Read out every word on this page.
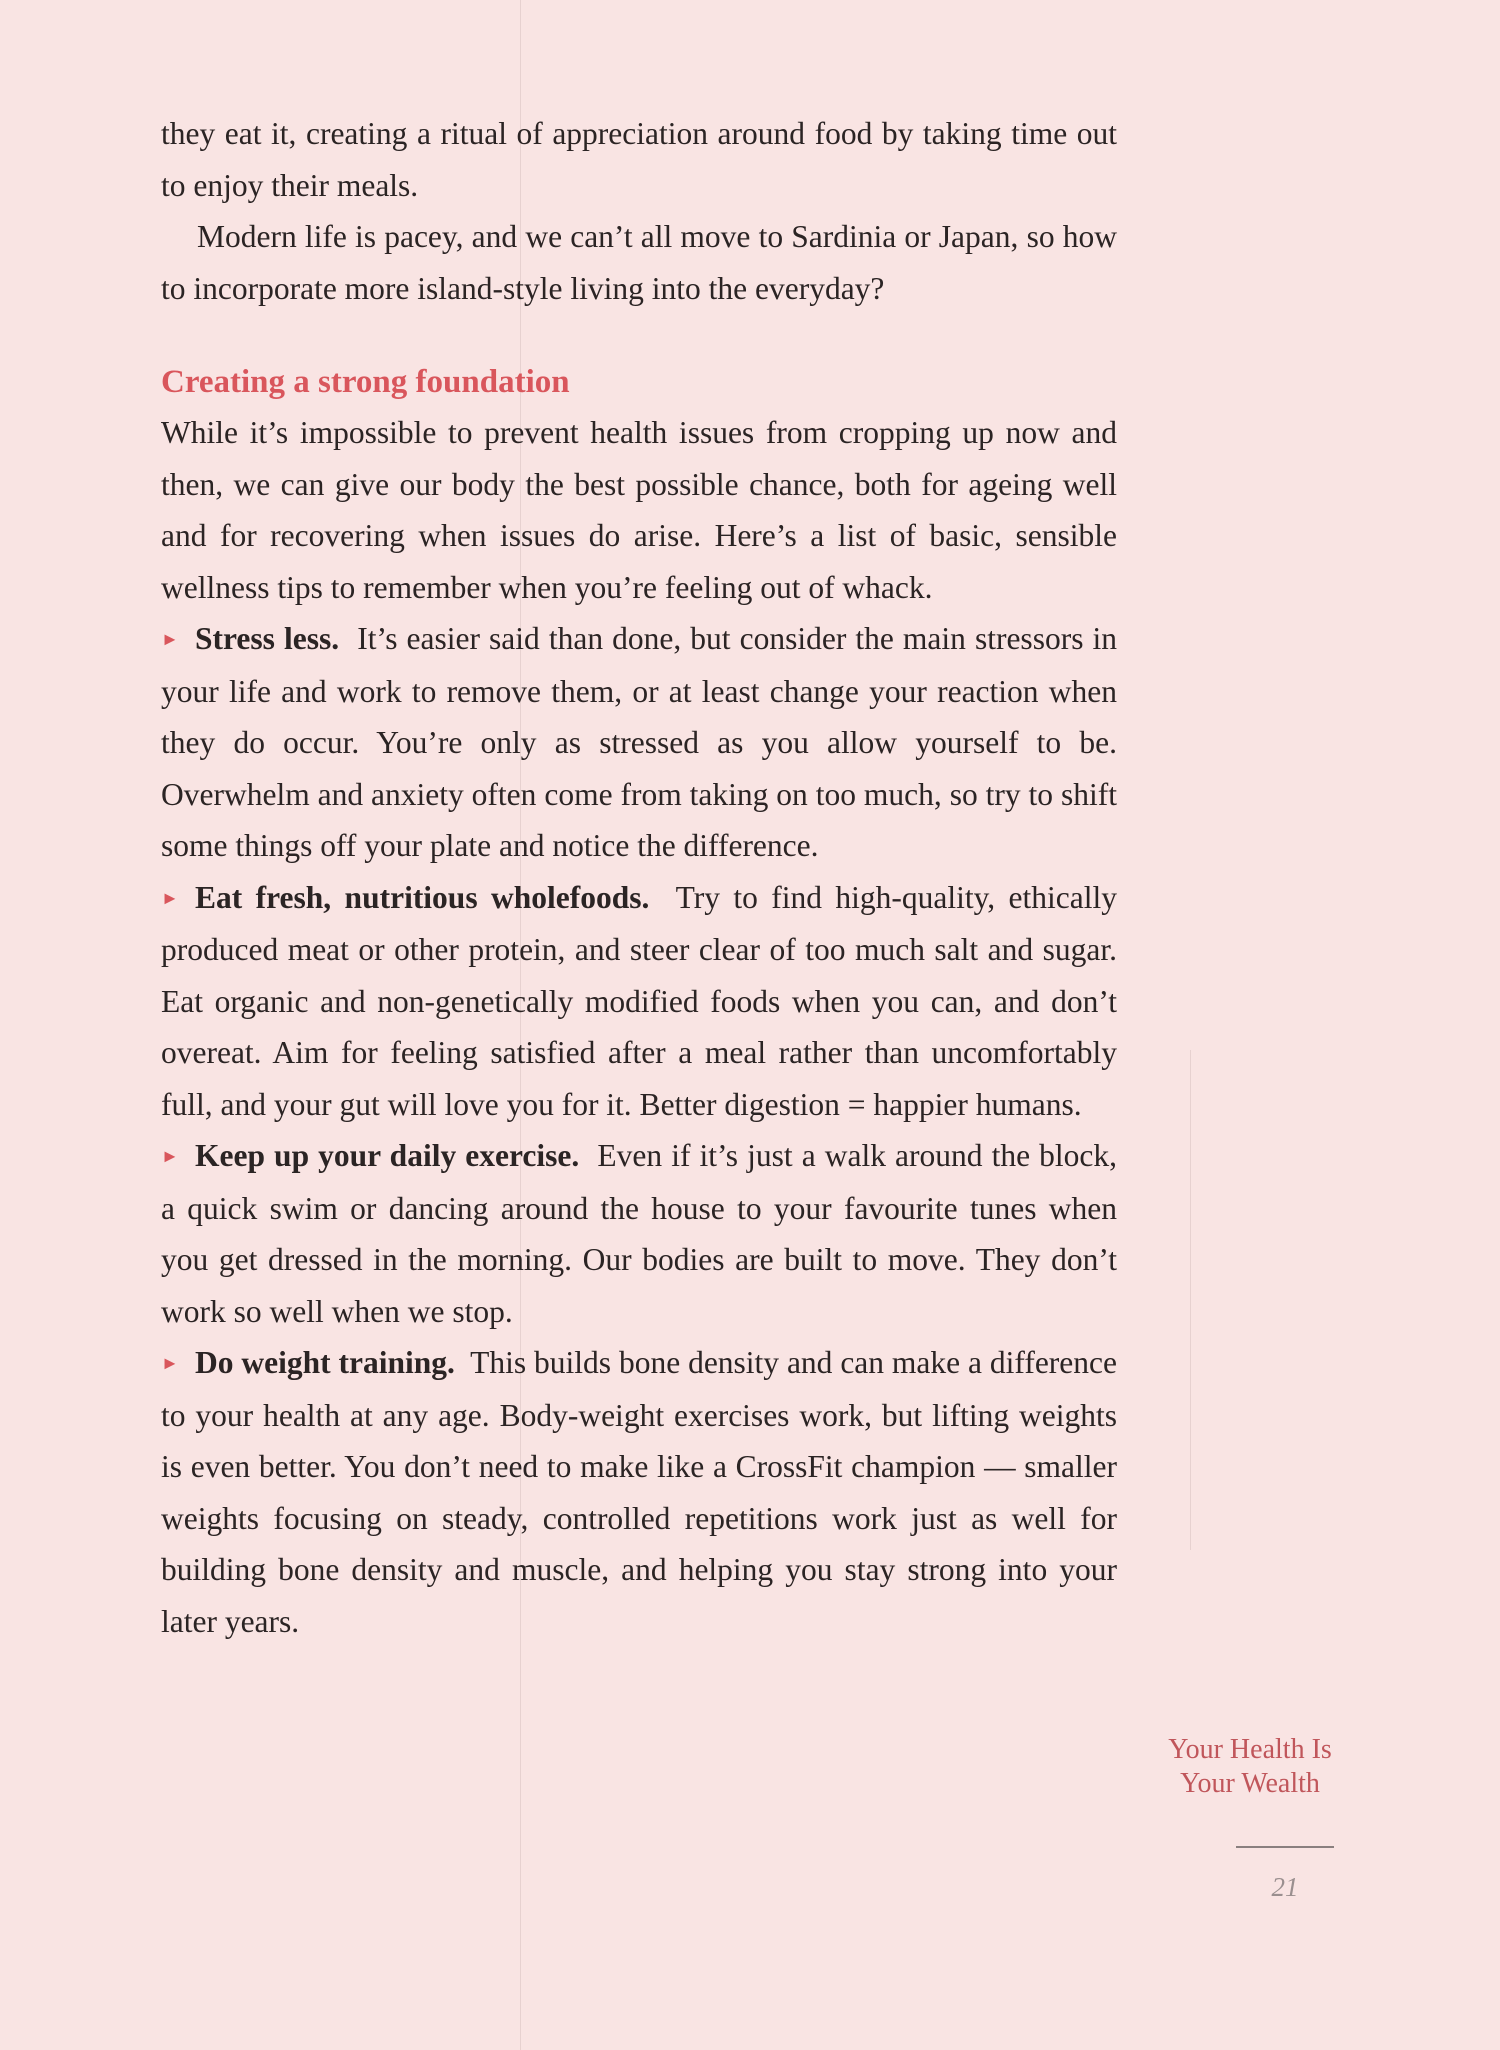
they eat it, creating a ritual of appreciation around food by taking time out to enjoy their meals.

Modern life is pacey, and we can’t all move to Sardinia or Japan, so how to incorporate more island-style living into the everyday?

Creating a strong foundation

While it’s impossible to prevent health issues from cropping up now and then, we can give our body the best possible chance, both for ageing well and for recovering when issues do arise. Here’s a list of basic, sensible wellness tips to remember when you’re feeling out of whack.

► Stress less. It’s easier said than done, but consider the main stressors in your life and work to remove them, or at least change your reaction when they do occur. You’re only as stressed as you allow yourself to be. Overwhelm and anxiety often come from taking on too much, so try to shift some things off your plate and notice the difference.

► Eat fresh, nutritious wholefoods. Try to find high-quality, ethically produced meat or other protein, and steer clear of too much salt and sugar. Eat organic and non-genetically modified foods when you can, and don’t overeat. Aim for feeling satisfied after a meal rather than uncomfortably full, and your gut will love you for it. Better digestion = happier humans.

► Keep up your daily exercise. Even if it’s just a walk around the block, a quick swim or dancing around the house to your favourite tunes when you get dressed in the morning. Our bodies are built to move. They don’t work so well when we stop.

► Do weight training. This builds bone density and can make a difference to your health at any age. Body-weight exercises work, but lifting weights is even better. You don’t need to make like a CrossFit champion — smaller weights focusing on steady, controlled repetitions work just as well for building bone density and muscle, and helping you stay strong into your later years.

Your Health Is
Your Wealth
21
